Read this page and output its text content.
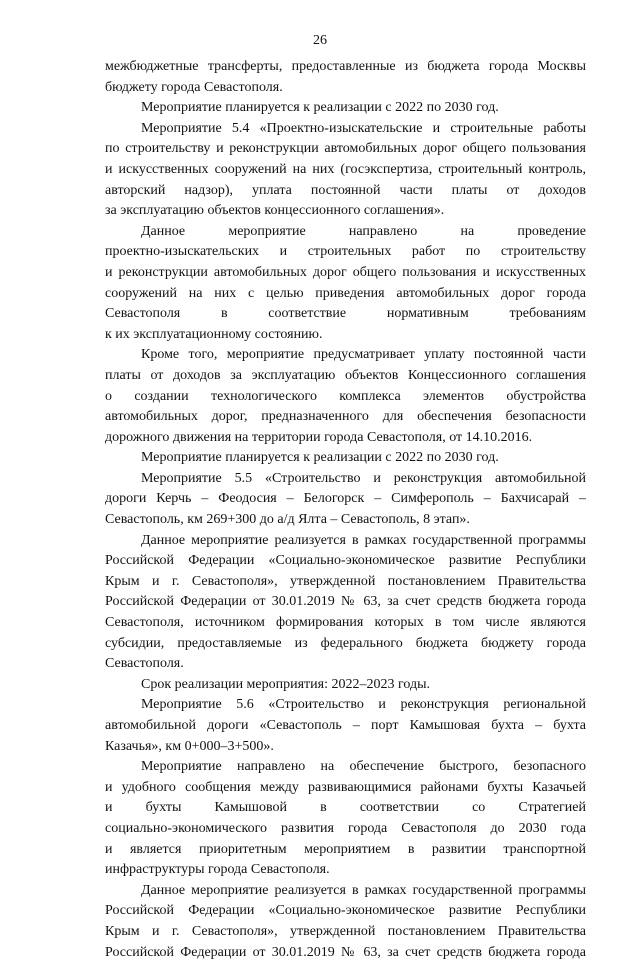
26
межбюджетные трансферты, предоставленные из бюджета города Москвы
бюджету города Севастополя.
Мероприятие планируется к реализации с 2022 по 2030 год.
Мероприятие 5.4 «Проектно-изыскательские и строительные работы
по строительству и реконструкции автомобильных дорог общего пользования
и искусственных сооружений на них (госэкспертиза, строительный контроль,
авторский надзор), уплата постоянной части платы от доходов
за эксплуатацию объектов концессионного соглашения».
Данное мероприятие направлено на проведение
проектно-изыскательских и строительных работ по строительству
и реконструкции автомобильных дорог общего пользования и искусственных
сооружений на них с целью приведения автомобильных дорог города
Севастополя в соответствие нормативным требованиям
к их эксплуатационному состоянию.
Кроме того, мероприятие предусматривает уплату постоянной части
платы от доходов за эксплуатацию объектов Концессионного соглашения
о создании технологического комплекса элементов обустройства
автомобильных дорог, предназначенного для обеспечения безопасности
дорожного движения на территории города Севастополя, от 14.10.2016.
Мероприятие планируется к реализации с 2022 по 2030 год.
Мероприятие 5.5 «Строительство и реконструкция автомобильной
дороги Керчь – Феодосия – Белогорск – Симферополь – Бахчисарай –
Севастополь, км 269+300 до а/д Ялта – Севастополь, 8 этап».
Данное мероприятие реализуется в рамках государственной программы
Российской Федерации «Социально-экономическое развитие Республики
Крым и г. Севастополя», утвержденной постановлением Правительства
Российской Федерации от 30.01.2019 № 63, за счет средств бюджета города
Севастополя, источником формирования которых в том числе являются
субсидии, предоставляемые из федерального бюджета бюджету города
Севастополя.
Срок реализации мероприятия: 2022–2023 годы.
Мероприятие 5.6 «Строительство и реконструкция региональной
автомобильной дороги «Севастополь – порт Камышовая бухта – бухта
Казачья», км 0+000–3+500».
Мероприятие направлено на обеспечение быстрого, безопасного
и удобного сообщения между развивающимися районами бухты Казачьей
и бухты Камышовой в соответствии со Стратегией
социально-экономического развития города Севастополя до 2030 года
и является приоритетным мероприятием в развитии транспортной
инфраструктуры города Севастополя.
Данное мероприятие реализуется в рамках государственной программы
Российской Федерации «Социально-экономическое развитие Республики
Крым и г. Севастополя», утвержденной постановлением Правительства
Российской Федерации от 30.01.2019 № 63, за счет средств бюджета города
